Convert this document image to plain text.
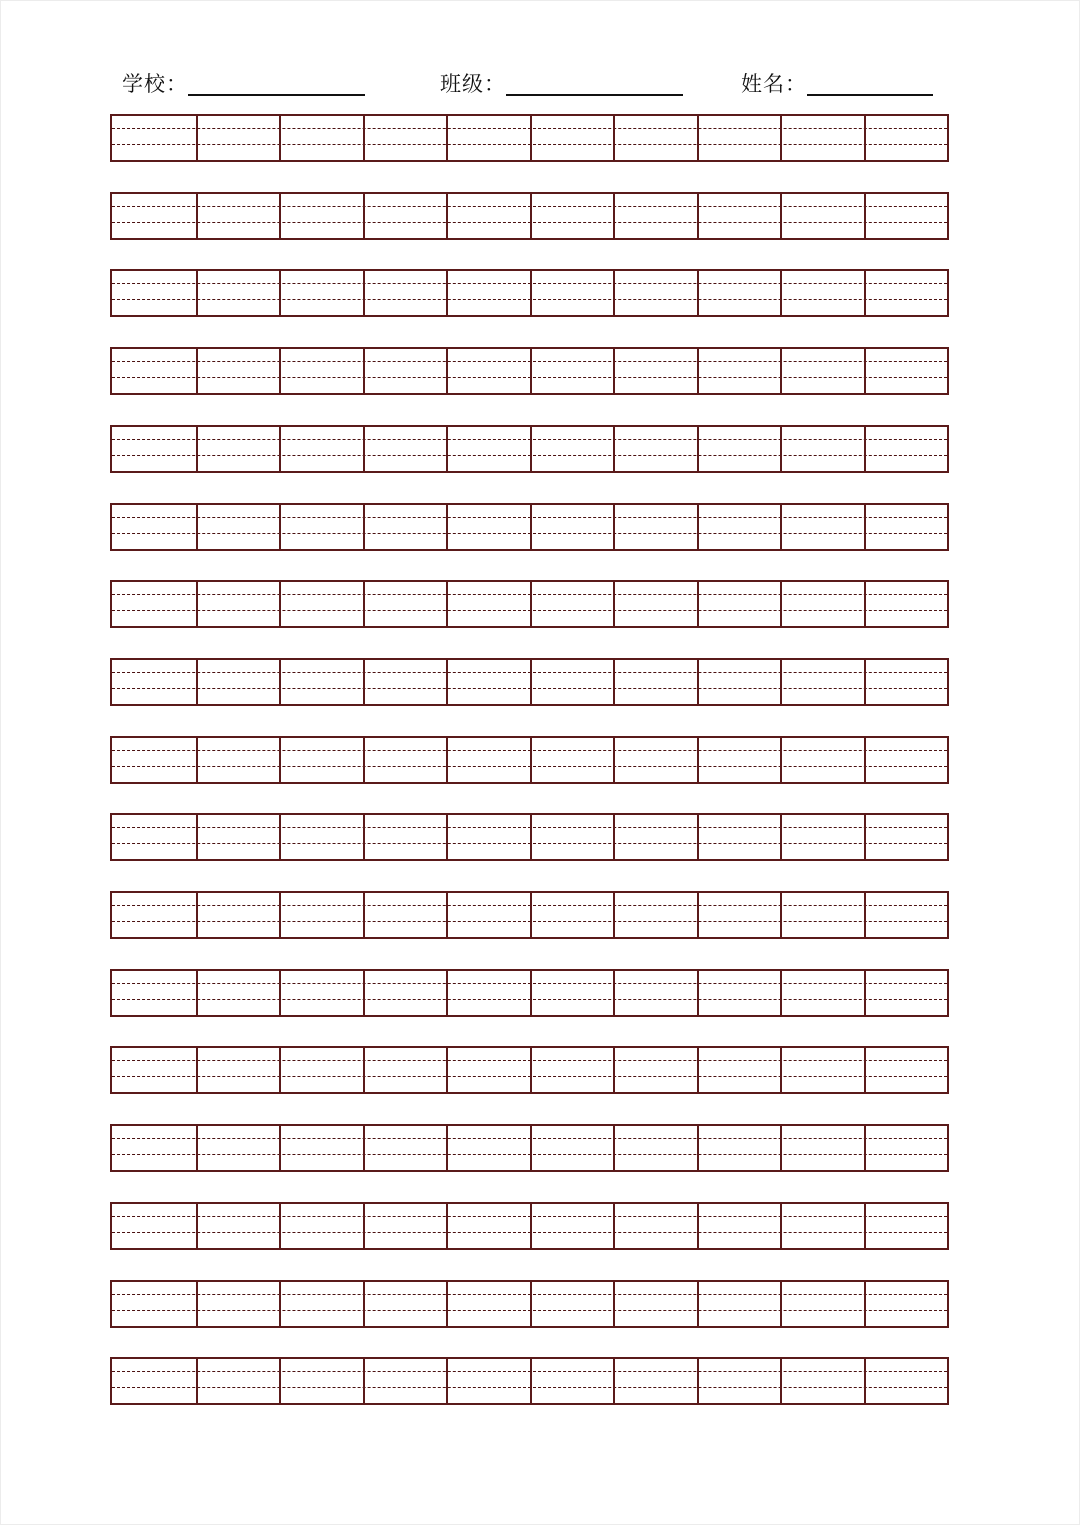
学校：	班级：	姓名：
